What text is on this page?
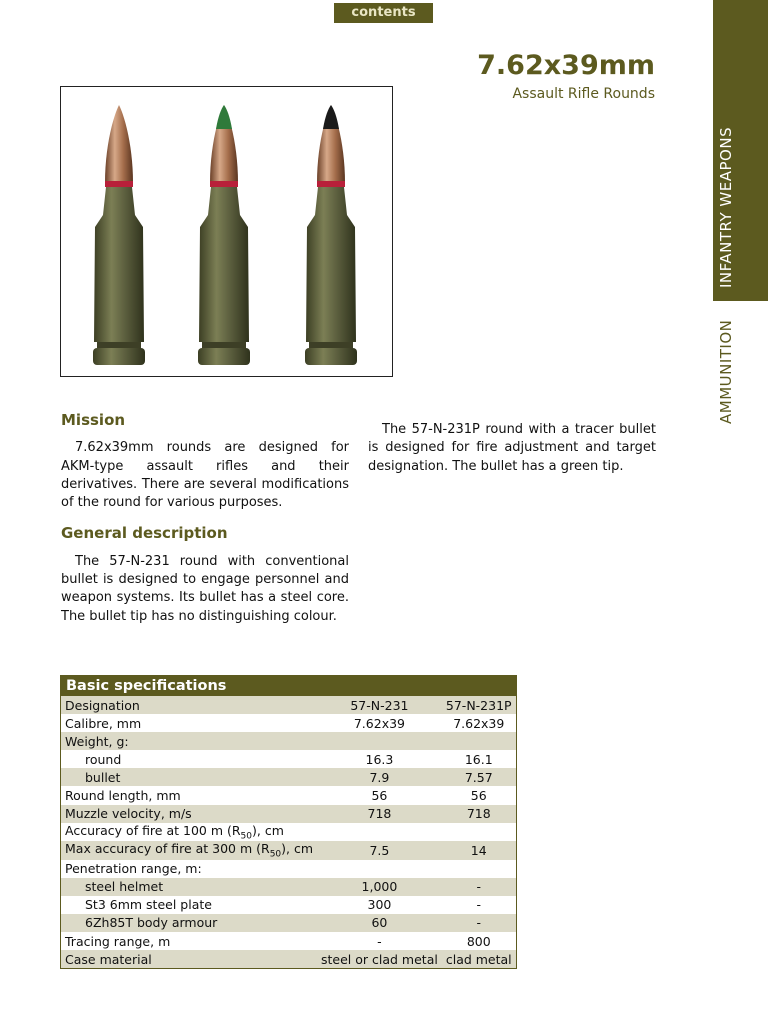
contents
INFANTRY WEAPONS
AMMUNITION
7.62x39mm
Assault Rifle Rounds
Mission

7.62x39mm rounds are designed for AKM-type assault rifles and their derivatives. There are several modifications of the round for various purposes.

General description

The 57-N-231 round with conventional bullet is designed to engage personnel and weapon systems. Its bullet has a steel core. The bullet tip has no distinguishing colour.

The 57-N-231P round with a tracer bullet is designed for fire adjustment and target designation. The bullet has a green tip.

Basic specifications		
Designation	57-N-231	57-N-231P
Calibre, mm	7.62x39	7.62x39
Weight, g:		
round	16.3	16.1
bullet	7.9	7.57
Round length, mm	56	56
Muzzle velocity, m/s	718	718
Accuracy of fire at 100 m $(R_{50})$, cm		
Max accuracy of fire at 300 m $(R_{50})$, cm	7.5	14
Penetration range, m:		
steel helmet	1,000	-
St3 6mm steel plate	300	-
6Zh85T body armour	60	-
Tracing range, m	-	800
Case material	steel or clad metal	clad metal
